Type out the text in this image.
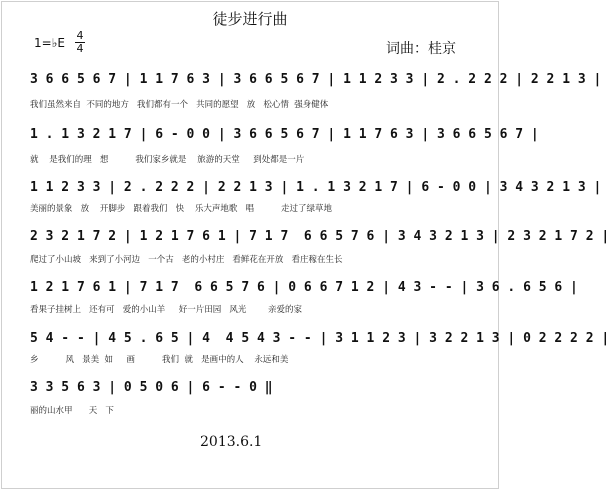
徒步进行曲
1=♭E
4
4	词曲：桂京
3 6 6 5 6 7 | 1 1 7 6 3 | 3 6 6 5 6 7 | 1 1 2 3 3 | 2 . 2 2 2 | 2 2 1 3 |
我们虽然来自  不同的地方   我们都有一个   共同的愿望   放   松心情  强身健体
1 . 1 3 2 1 7 | 6 - 0 0 | 3 6 6 5 6 7 | 1 1 7 6 3 | 3 6 6 5 6 7 |
就    是我们的理   想          我们家乡就是    旅游的天堂     到处都是一片
1 1 2 3 3 | 2 . 2 2 2 | 2 2 1 3 | 1 . 1 3 2 1 7 | 6 - 0 0 | 3 4 3 2 1 3 |
美丽的景象   放    开脚步   跟着我们   快    乐大声地歌   唱          走过了绿草地
2 3 2 1 7 2 | 1 2 1 7 6 1 | 7 1 7  6 6 5 7 6 | 3 4 3 2 1 3 | 2 3 2 1 7 2 |
爬过了小山坡   来到了小河边   一个古   老的小村庄   看鲜花在开放   看庄稼在生长
1 2 1 7 6 1 | 7 1 7  6 6 5 7 6 | 0 6 6 7 1 2 | 4 3 - - | 3 6 . 6 5 6 |
看果子挂树上   还有可   爱的小山羊     好一片田园   风光        亲爱的家
5 4 - - | 4 5 . 6 5 | 4  4 5 4 3 - - | 3 1 1 2 3 | 3 2 2 1 3 | 0 2 2 2 2 |
乡          风   景美  如     画          我们  就   是画中的人    永远和美
3 3 5 6 3 | 0 5 0 6 | 6 - - 0 ‖
丽的山水甲      天   下
2013.6.1
